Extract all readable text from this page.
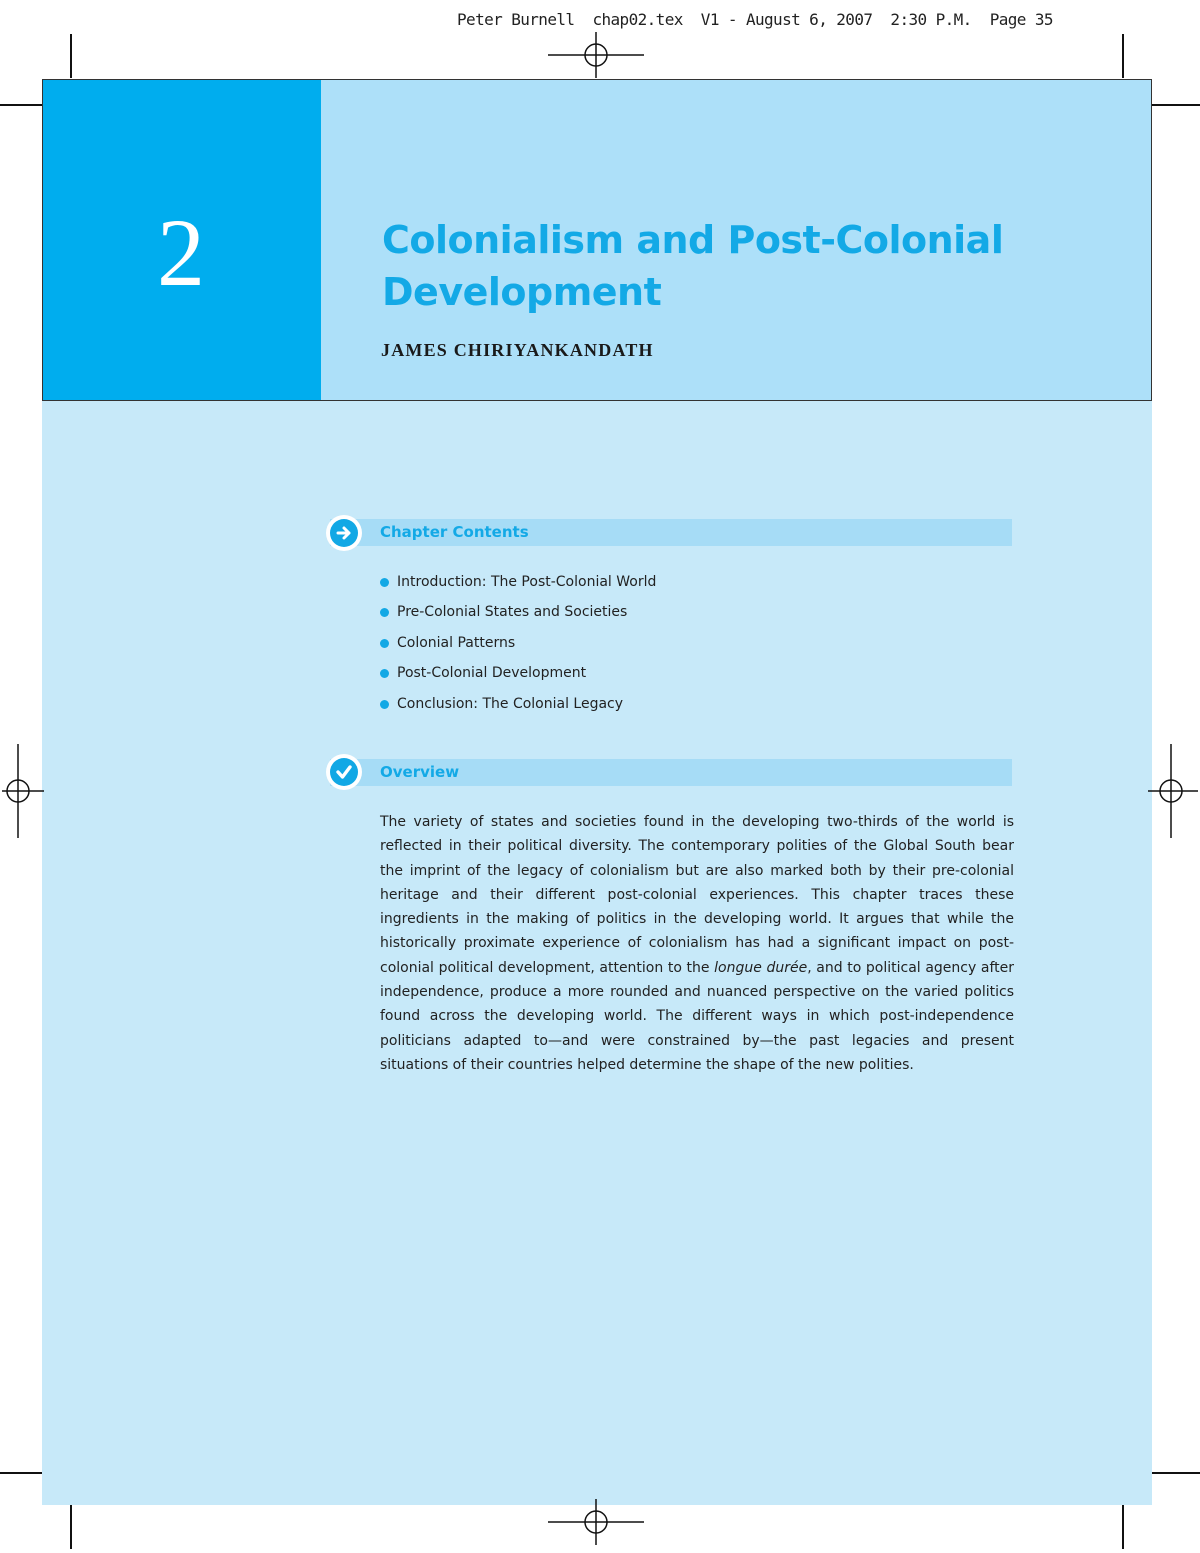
Peter Burnell chap02.tex V1 - August 6, 2007 2:30 P.M. Page 35
2	Colonialism and Post-Colonial
Development
JAMES CHIRIYANKANDATH
Chapter Contents
Introduction: The Post-Colonial World
Pre-Colonial States and Societies
Colonial Patterns
Post-Colonial Development
Conclusion: The Colonial Legacy
Overview

The variety of states and societies found in the developing two-thirds of the world is reflected in their political diversity. The contemporary polities of the Global South bear the imprint of the legacy of colonialism but are also marked both by their pre-colonial heritage and their different post-colonial experiences. This chapter traces these ingredients in the making of politics in the developing world. It argues that while the historically proximate experience of colonialism has had a significant impact on post-colonial political development, attention to the longue durée, and to political agency after independence, produce a more rounded and nuanced perspective on the varied politics found across the developing world. The different ways in which post-independence politicians adapted to—and were constrained by—the past legacies and present situations of their countries helped determine the shape of the new polities.
